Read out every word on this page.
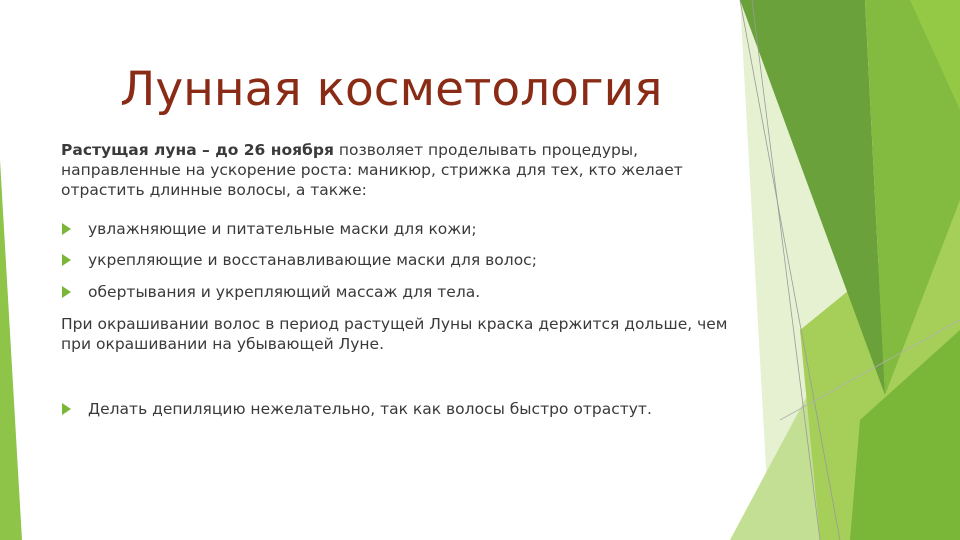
Лунная косметология
Растущая луна – до 26 ноября позволяет проделывать процедуры, направленные на ускорение роста: маникюр, стрижка для тех, кто желает отрастить длинные волосы, а также:
увлажняющие и питательные маски для кожи;
укрепляющие и восстанавливающие маски для волос;
обертывания и укрепляющий массаж для тела.
При окрашивании волос в период растущей Луны краска держится дольше, чем при окрашивании на убывающей Луне.
Делать депиляцию нежелательно, так как волосы быстро отрастут.
